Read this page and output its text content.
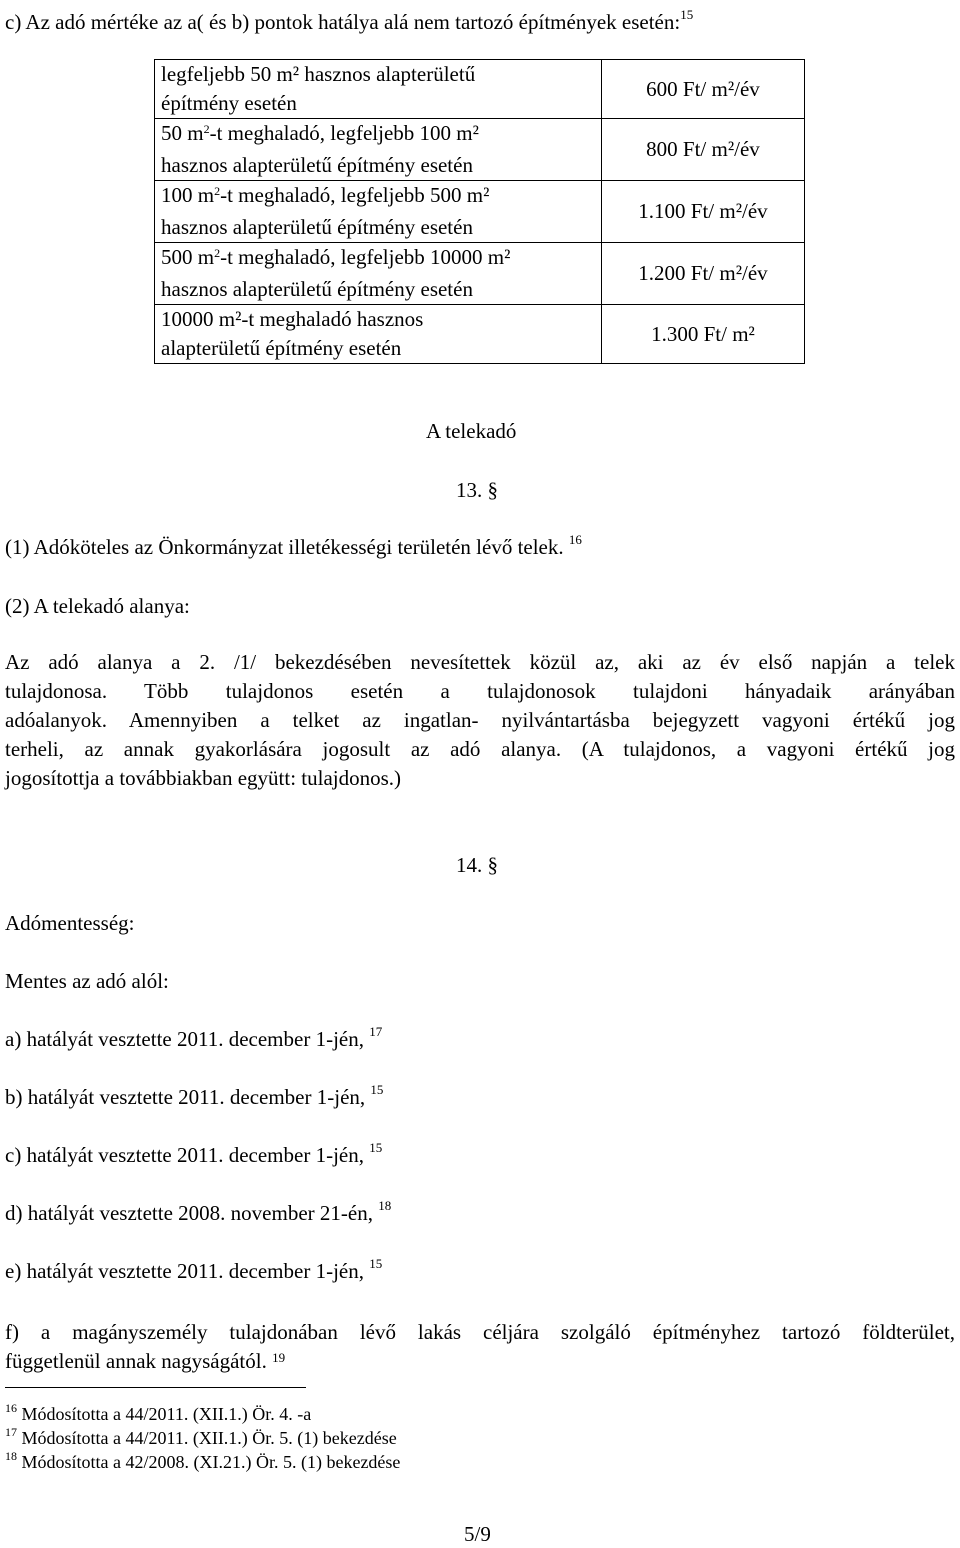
c) Az adó mértéke az a( és b) pontok hatálya alá nem tartozó építmények esetén:$^{15}$
legfeljebb 50 m² hasznos alapterületű
építmény esetén	600 Ft/ m²/év
50 $m^2-t$ meghaladó, legfeljebb 100 m²
hasznos alapterületű építmény esetén	800 Ft/ m²/év
100 $m^2-t$ meghaladó, legfeljebb 500 m²
hasznos alapterületű építmény esetén	1.100 Ft/ m²/év
500 $m^2-t$ meghaladó, legfeljebb 10000 m²
hasznos alapterületű építmény esetén	1.200 Ft/ m²/év
10000 m²-t meghaladó hasznos
alapterületű építmény esetén	1.300 Ft/ m²
A telekadó
13. §
(1) Adóköteles az Önkormányzat illetékességi területén lévő telek. $^{16}$
(2) A telekadó alanya:
Az adó alanya a 2. /1/ bekezdésében nevesítettek közül az, aki az év első napján a telek
tulajdonosa. Több tulajdonos esetén a tulajdonosok tulajdoni hányadaik arányában
adóalanyok. Amennyiben a telket az ingatlan- nyilvántartásba bejegyzett vagyoni értékű jog
terheli, az annak gyakorlására jogosult az adó alanya. (A tulajdonos, a vagyoni értékű jog
jogosítottja a továbbiakban együtt: tulajdonos.)
14. §
Adómentesség:
Mentes az adó alól:
a) hatályát vesztette 2011. december 1-jén, $^{17}$
b) hatályát vesztette 2011. december 1-jén, $^{15}$
c) hatályát vesztette 2011. december 1-jén, $^{15}$
d) hatályát vesztette 2008. november 21-én, $^{18}$
e) hatályát vesztette 2011. december 1-jén, $^{15}$
f) a magányszemély tulajdonában lévő lakás céljára szolgáló építményhez tartozó földterület,
függetlenül annak nagyságától. $^{19}$
$^{16}$ Módosította a 44/2011. (XII.1.) Ör. 4. -a
$^{17}$ Módosította a 44/2011. (XII.1.) Ör. 5. (1) bekezdése
$^{18}$ Módosította a 42/2008. (XI.21.) Ör. 5. (1) bekezdése
5/9
